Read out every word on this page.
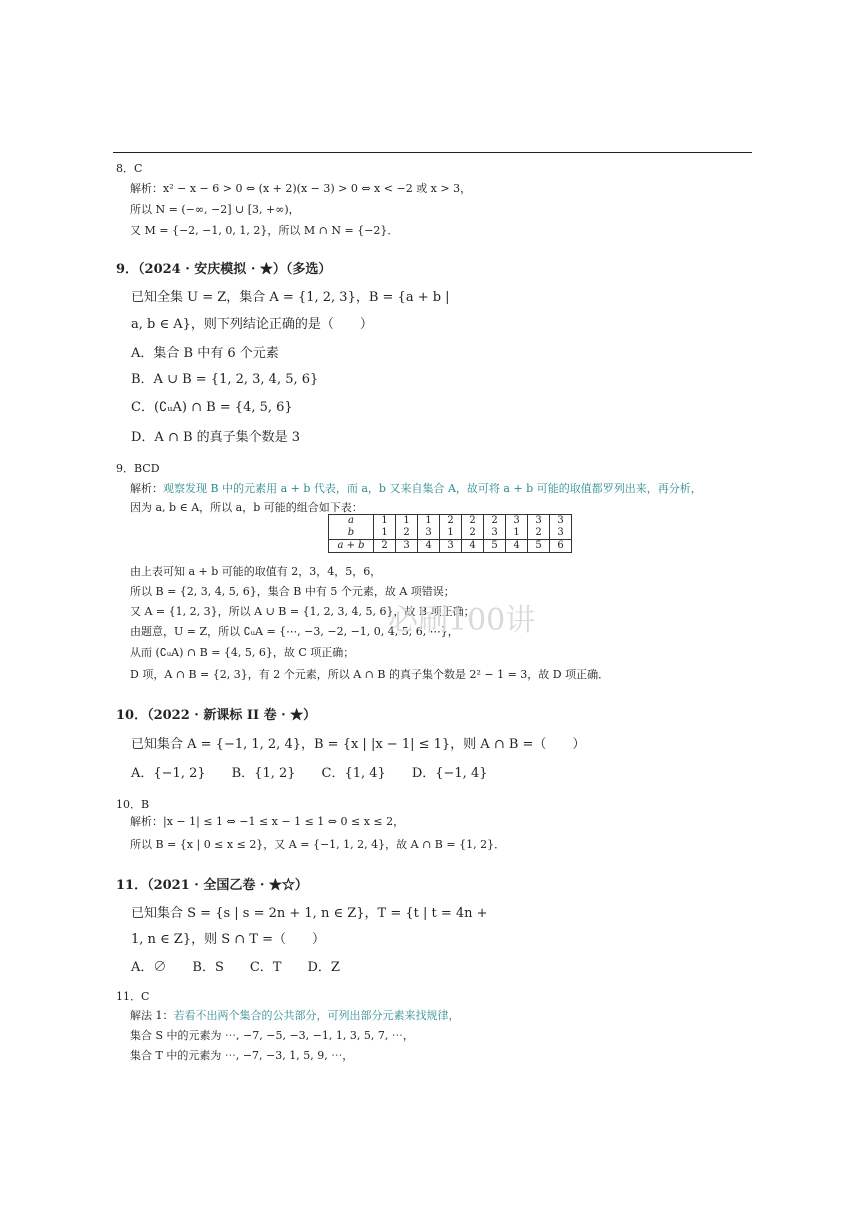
8．C
解析：x² − x − 6 > 0 ⇔ (x + 2)(x − 3) > 0 ⇔ x < −2 或 x > 3，
所以 N = (−∞, −2] ∪ [3, +∞)，
又 M = {−2, −1, 0, 1, 2}，所以 M ∩ N = {−2}．
9．（2024 · 安庆模拟 · ★）（多选）
已知全集 U = Z，集合 A = {1, 2, 3}，B = {a + b |
a, b ∈ A}，则下列结论正确的是（　　）
A．集合 B 中有 6 个元素
B．A ∪ B = {1, 2, 3, 4, 5, 6}
C．(∁ᵤA) ∩ B = {4, 5, 6}
D．A ∩ B 的真子集个数是 3
9．BCD
解析：观察发现 B 中的元素用 a + b 代表，而 a，b 又来自集合 A，故可将 a + b 可能的取值都罗列出来，再分析，
因为 a, b ∈ A，所以 a，b 可能的组合如下表：
a	1	1	1	2	2	2	3	3	3
b	1	2	3	1	2	3	1	2	3
a + b	2	3	4	3	4	5	4	5	6
由上表可知 a + b 可能的取值有 2，3，4，5，6，
所以 B = {2, 3, 4, 5, 6}，集合 B 中有 5 个元素，故 A 项错误；
又 A = {1, 2, 3}，所以 A ∪ B = {1, 2, 3, 4, 5, 6}，故 B 项正确；
由题意，U = Z，所以 ∁ᵤA = {⋯, −3, −2, −1, 0, 4, 5, 6, ⋯}，
从而 (∁ᵤA) ∩ B = {4, 5, 6}，故 C 项正确；
D 项，A ∩ B = {2, 3}，有 2 个元素，所以 A ∩ B 的真子集个数是 2² − 1 = 3，故 D 项正确．
必刷100讲
10．（2022 · 新课标 II 卷 · ★）
已知集合 A = {−1, 1, 2, 4}，B = {x | |x − 1| ≤ 1}，则 A ∩ B =（　　）
A．{−1, 2}　　B．{1, 2}　　C．{1, 4}　　D．{−1, 4}
10．B
解析：|x − 1| ≤ 1 ⇔ −1 ≤ x − 1 ≤ 1 ⇔ 0 ≤ x ≤ 2，
所以 B = {x | 0 ≤ x ≤ 2}，又 A = {−1, 1, 2, 4}，故 A ∩ B = {1, 2}．
11．（2021 · 全国乙卷 · ★☆）
已知集合 S = {s | s = 2n + 1, n ∈ Z}，T = {t | t = 4n +
1, n ∈ Z}，则 S ∩ T =（　　）
A．∅　　B．S　　C．T　　D．Z
11．C
解法 1：若看不出两个集合的公共部分，可列出部分元素来找规律，
集合 S 中的元素为 ⋯, −7, −5, −3, −1, 1, 3, 5, 7, ⋯，
集合 T 中的元素为 ⋯, −7, −3, 1, 5, 9, ⋯，
